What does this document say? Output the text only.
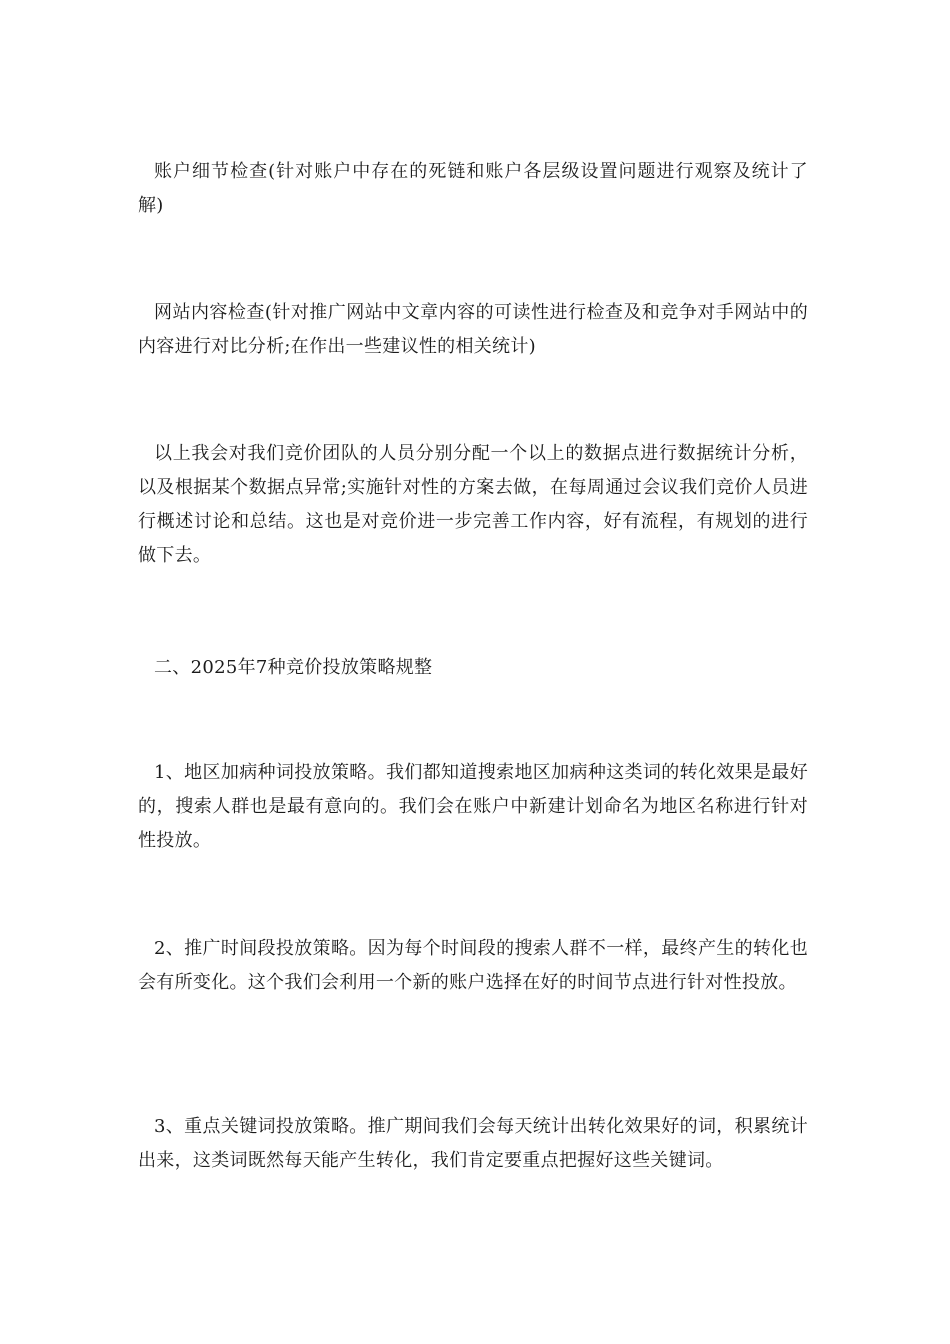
账户细节检查(针对账户中存在的死链和账户各层级设置问题进行观察及统计了解)

网站内容检查(针对推广网站中文章内容的可读性进行检查及和竞争对手网站中的内容进行对比分析;在作出一些建议性的相关统计)

以上我会对我们竞价团队的人员分别分配一个以上的数据点进行数据统计分析，以及根据某个数据点异常;实施针对性的方案去做，在每周通过会议我们竞价人员进行概述讨论和总结。这也是对竞价进一步完善工作内容，好有流程，有规划的进行做下去。

二、2025年7种竞价投放策略规整

1、地区加病种词投放策略。我们都知道搜索地区加病种这类词的转化效果是最好的，搜索人群也是最有意向的。我们会在账户中新建计划命名为地区名称进行针对性投放。

2、推广时间段投放策略。因为每个时间段的搜索人群不一样，最终产生的转化也会有所变化。这个我们会利用一个新的账户选择在好的时间节点进行针对性投放。

3、重点关键词投放策略。推广期间我们会每天统计出转化效果好的词，积累统计出来，这类词既然每天能产生转化，我们肯定要重点把握好这些关键词。
